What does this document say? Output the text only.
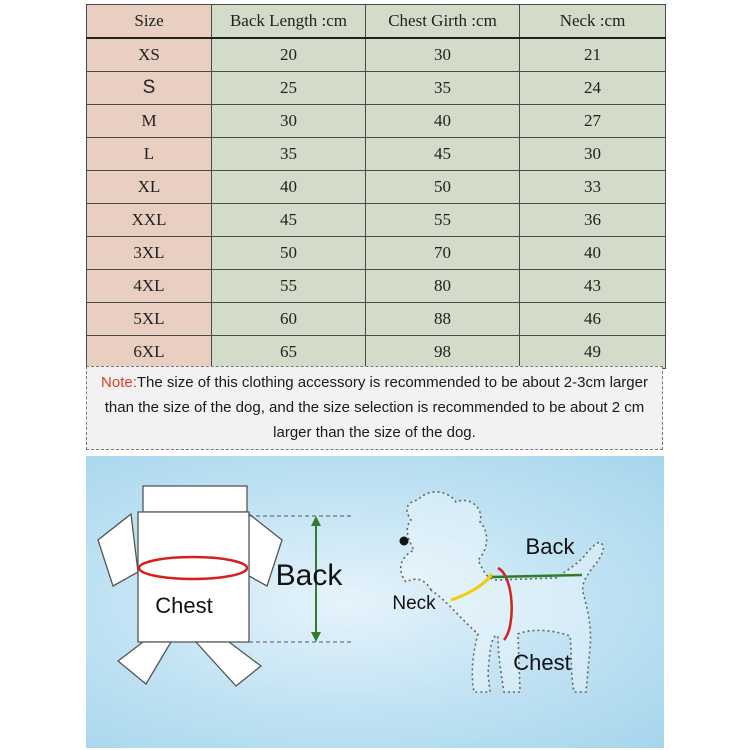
Size	Back Length :cm	Chest Girth :cm	Neck :cm
XS	20	30	21
S	25	35	24
M	30	40	27
L	35	45	30
XL	40	50	33
XXL	45	55	36
3XL	50	70	40
4XL	55	80	43
5XL	60	88	46
6XL	65	98	49
Note:The size of this clothing accessory is recommended to be about 2-3cm larger than the size of the dog, and the size selection is recommended to be about 2 cm larger than the size of the dog.
Chest
Back
Neck
Back
Chest
